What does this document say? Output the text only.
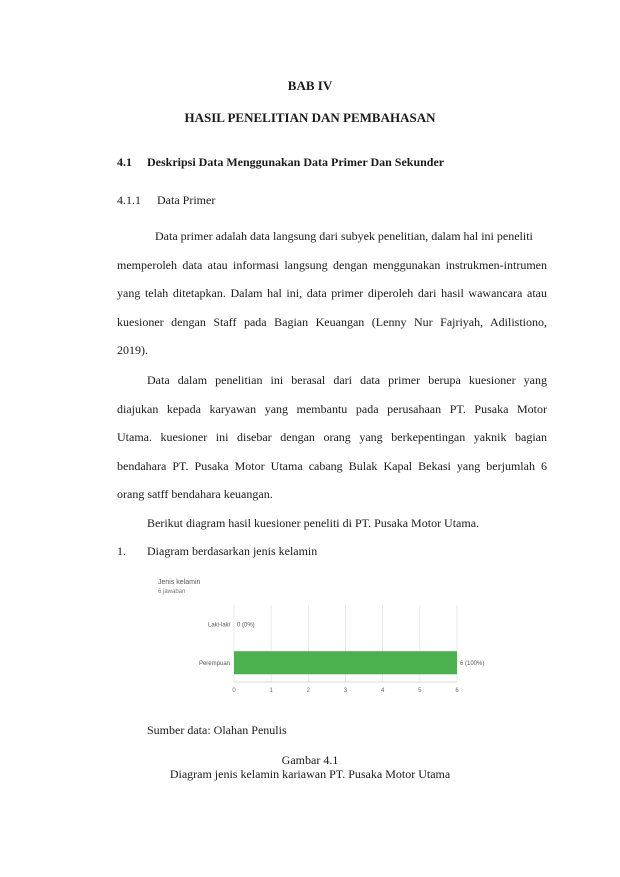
BAB IV
HASIL PENELITIAN DAN PEMBAHASAN
4.1 Deskripsi Data Menggunakan Data Primer Dan Sekunder
4.1.1 Data Primer
Data primer adalah data langsung dari subyek penelitian, dalam hal ini peneliti
memperoleh data atau informasi langsung dengan menggunakan instrukmen-intrumen
yang telah ditetapkan. Dalam hal ini, data primer diperoleh dari hasil wawancara atau
kuesioner dengan Staff pada Bagian Keuangan (Lenny Nur Fajriyah, Adilistiono,
2019).
Data dalam penelitian ini berasal dari data primer berupa kuesioner yang
diajukan kepada karyawan yang membantu pada perusahaan PT. Pusaka Motor
Utama. kuesioner ini disebar dengan orang yang berkepentingan yaknik bagian
bendahara PT. Pusaka Motor Utama cabang Bulak Kapal Bekasi yang berjumlah 6
orang satff bendahara keuangan.
Berikut diagram hasil kuesioner peneliti di PT. Pusaka Motor Utama.
1. Diagram berdasarkan jenis kelamin
Jenis kelamin
6 jawaban
0	1	2	3	4	5	6
Laki-laki 0 (0%)
Perempuan	6 (100%)
Sumber data: Olahan Penulis
Gambar 4.1
Diagram jenis kelamin kariawan PT. Pusaka Motor Utama
